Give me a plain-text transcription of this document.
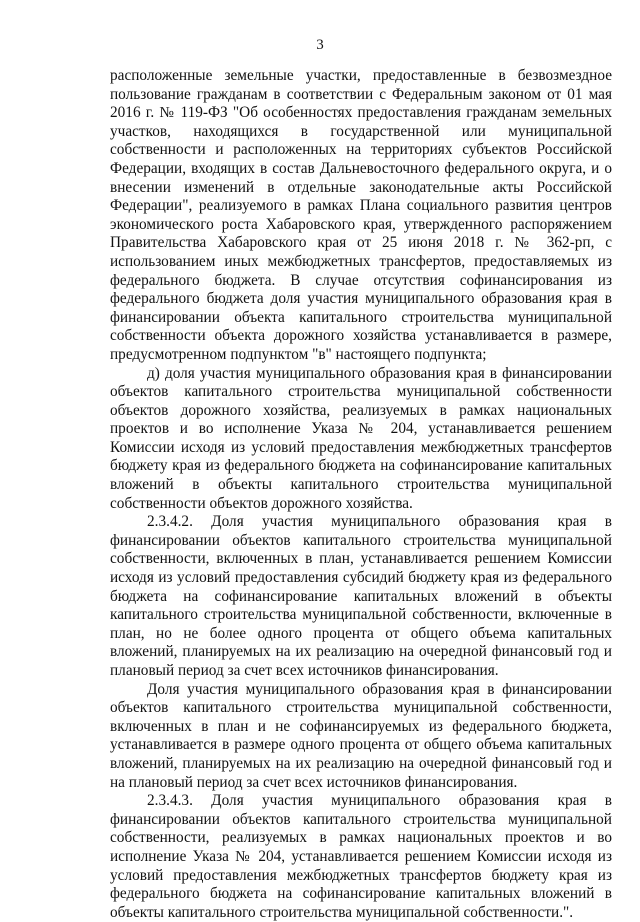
3

расположенные земельные участки, предоставленные в безвозмездное пользование гражданам в соответствии с Федеральным законом от 01 мая 2016 г. № 119-ФЗ "Об особенностях предоставления гражданам земельных участков, находящихся в государственной или муниципальной собственности и расположенных на территориях субъектов Российской Федерации, входящих в состав Дальневосточного федерального округа, и о внесении изменений в отдельные законодательные акты Российской Федерации", реализуемого в рамках Плана социального развития центров экономического роста Хабаровского края, утвержденного распоряжением Правительства Хабаровского края от 25 июня 2018 г. № 362-рп, с использованием иных межбюджетных трансфертов, предоставляемых из федерального бюджета. В случае отсутствия софинансирования из федерального бюджета доля участия муниципального образования края в финансировании объекта капитального строительства муниципальной собственности объекта дорожного хозяйства устанавливается в размере, предусмотренном подпунктом "в" настоящего подпункта;

д) доля участия муниципального образования края в финансировании объектов капитального строительства муниципальной собственности объектов дорожного хозяйства, реализуемых в рамках национальных проектов и во исполнение Указа № 204, устанавливается решением Комиссии исходя из условий предоставления межбюджетных трансфертов бюджету края из федерального бюджета на софинансирование капитальных вложений в объекты капитального строительства муниципальной собственности объектов дорожного хозяйства.

2.3.4.2. Доля участия муниципального образования края в финансировании объектов капитального строительства муниципальной собственности, включенных в план, устанавливается решением Комиссии исходя из условий предоставления субсидий бюджету края из федерального бюджета на софинансирование капитальных вложений в объекты капитального строительства муниципальной собственности, включенные в план, но не более одного процента от общего объема капитальных вложений, планируемых на их реализацию на очередной финансовый год и плановый период за счет всех источников финансирования.

Доля участия муниципального образования края в финансировании объектов капитального строительства муниципальной собственности, включенных в план и не софинансируемых из федерального бюджета, устанавливается в размере одного процента от общего объема капитальных вложений, планируемых на их реализацию на очередной финансовый год и на плановый период за счет всех источников финансирования.

2.3.4.3. Доля участия муниципального образования края в финансировании объектов капитального строительства муниципальной собственности, реализуемых в рамках национальных проектов и во исполнение Указа № 204, устанавливается решением Комиссии исходя из условий предоставления межбюджетных трансфертов бюджету края из федерального бюджета на софинансирование капитальных вложений в объекты капитального строительства муниципальной собственности.".
